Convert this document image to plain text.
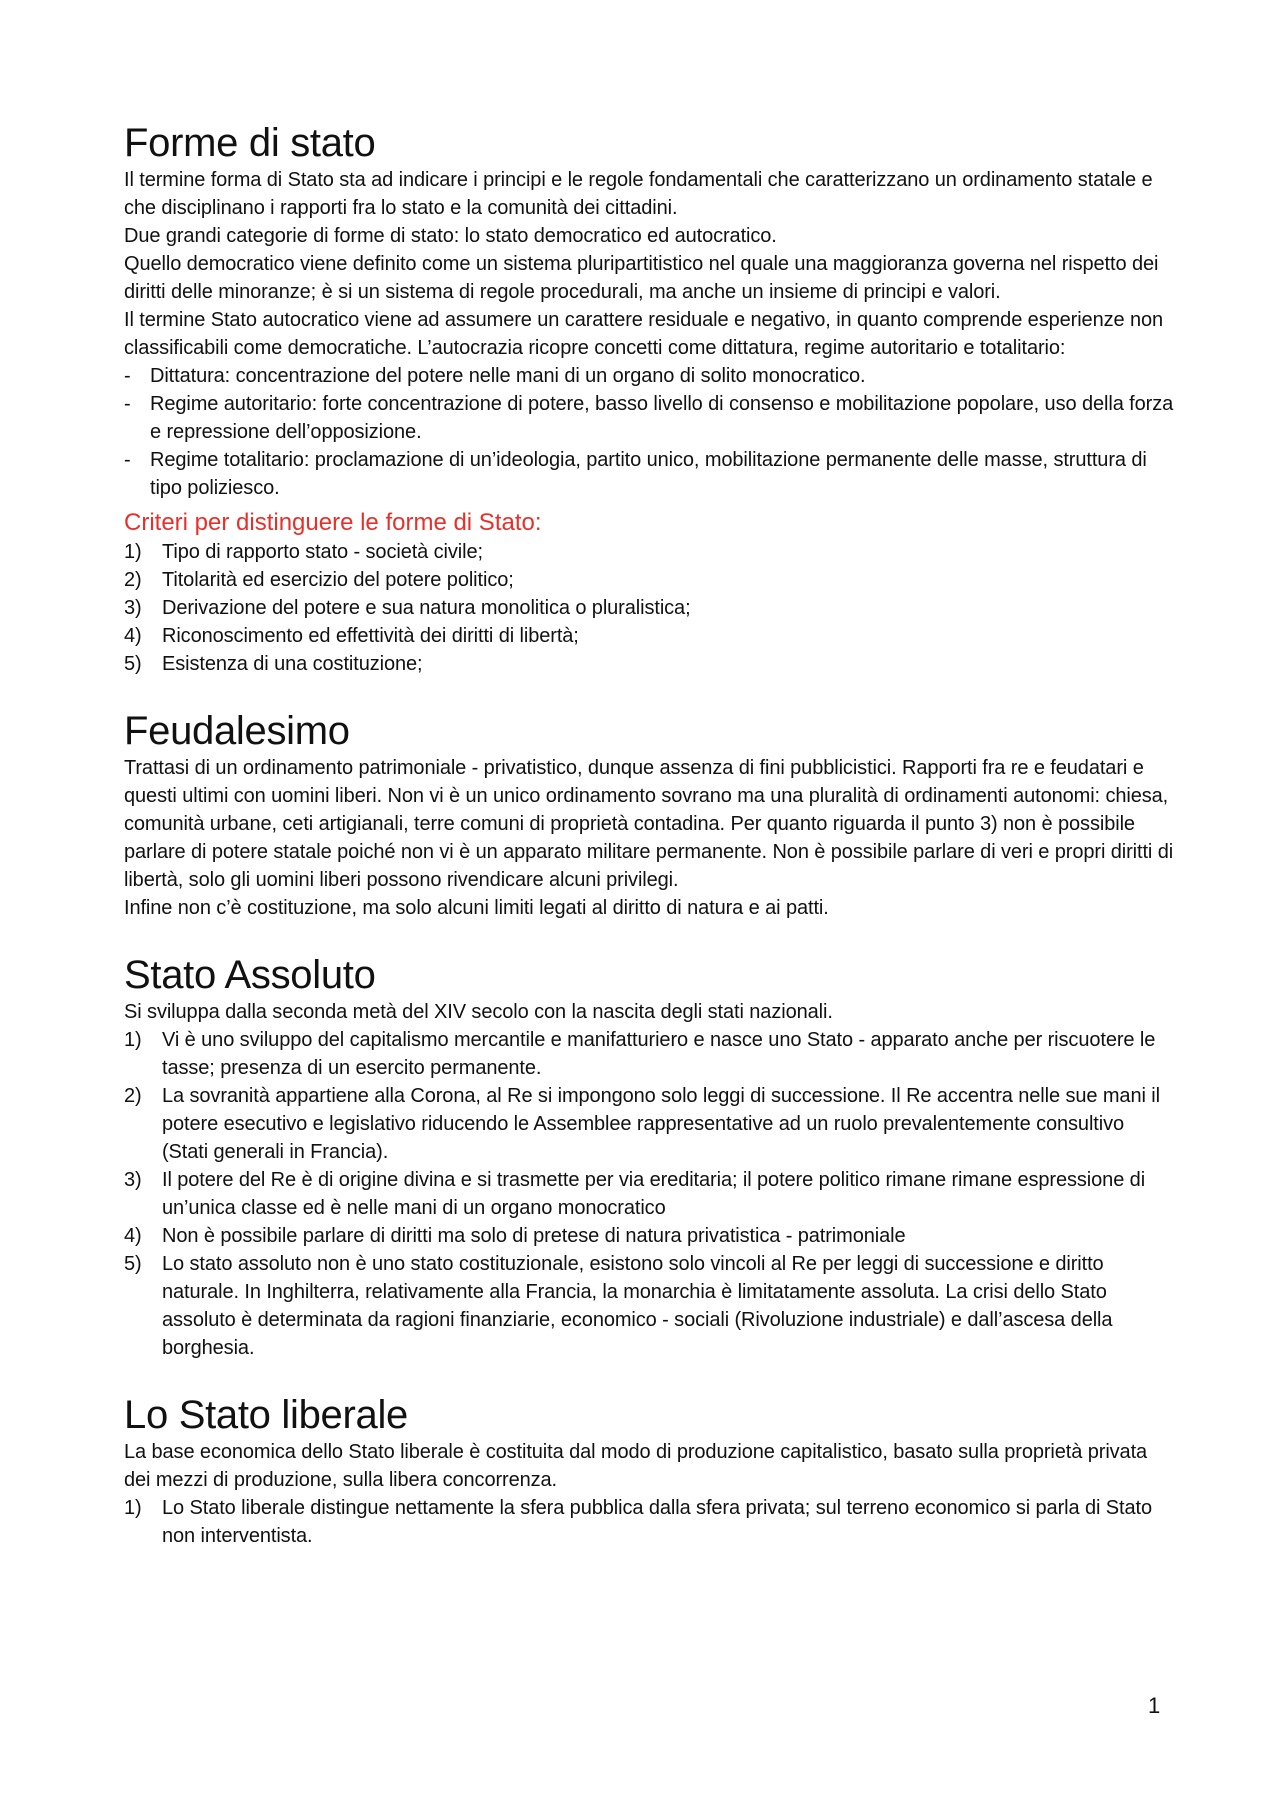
Forme di stato

Il termine forma di Stato sta ad indicare i principi e le regole fondamentali che caratterizzano un ordinamento statale e che disciplinano i rapporti fra lo stato e la comunità dei cittadini.

Due grandi categorie di forme di stato: lo stato democratico ed autocratico.

Quello democratico viene definito come un sistema pluripartitistico nel quale una maggioranza governa nel rispetto dei diritti delle minoranze; è si un sistema di regole procedurali, ma anche un insieme di principi e valori.

Il termine Stato autocratico viene ad assumere un carattere residuale e negativo, in quanto comprende esperienze non classificabili come democratiche. L’autocrazia ricopre concetti come dittatura, regime autoritario e totalitario:

- Dittatura: concentrazione del potere nelle mani di un organo di solito monocratico.
- Regime autoritario: forte concentrazione di potere, basso livello di consenso e mobilitazione popolare, uso della forza e repressione dell’opposizione.
- Regime totalitario: proclamazione di un’ideologia, partito unico, mobilitazione permanente delle masse, struttura di tipo poliziesco.
Criteri per distinguere le forme di Stato:
1) Tipo di rapporto stato - società civile;
2) Titolarità ed esercizio del potere politico;
3) Derivazione del potere e sua natura monolitica o pluralistica;
4) Riconoscimento ed effettività dei diritti di libertà;
5) Esistenza di una costituzione;
Feudalesimo

Trattasi di un ordinamento patrimoniale - privatistico, dunque assenza di fini pubblicistici. Rapporti fra re e feudatari e questi ultimi con uomini liberi. Non vi è un unico ordinamento sovrano ma una pluralità di ordinamenti autonomi: chiesa, comunità urbane, ceti artigianali, terre comuni di proprietà contadina. Per quanto riguarda il punto 3) non è possibile parlare di potere statale poiché non vi è un apparato militare permanente. Non è possibile parlare di veri e propri diritti di libertà, solo gli uomini liberi possono rivendicare alcuni privilegi.

Infine non c’è costituzione, ma solo alcuni limiti legati al diritto di natura e ai patti.

Stato Assoluto

Si sviluppa dalla seconda metà del XIV secolo con la nascita degli stati nazionali.

1) Vi è uno sviluppo del capitalismo mercantile e manifatturiero e nasce uno Stato - apparato anche per riscuotere le tasse; presenza di un esercito permanente.
2) La sovranità appartiene alla Corona, al Re si impongono solo leggi di successione. Il Re accentra nelle sue mani il potere esecutivo e legislativo riducendo le Assemblee rappresentative ad un ruolo prevalentemente consultivo (Stati generali in Francia).
3) Il potere del Re è di origine divina e si trasmette per via ereditaria; il potere politico rimane rimane espressione di un’unica classe ed è nelle mani di un organo monocratico
4) Non è possibile parlare di diritti ma solo di pretese di natura privatistica - patrimoniale
5) Lo stato assoluto non è uno stato costituzionale, esistono solo vincoli al Re per leggi di successione e diritto naturale. In Inghilterra, relativamente alla Francia, la monarchia è limitatamente assoluta. La crisi dello Stato assoluto è determinata da ragioni finanziarie, economico - sociali (Rivoluzione industriale) e dall’ascesa della borghesia.
Lo Stato liberale

La base economica dello Stato liberale è costituita dal modo di produzione capitalistico, basato sulla proprietà privata dei mezzi di produzione, sulla libera concorrenza.

1) Lo Stato liberale distingue nettamente la sfera pubblica dalla sfera privata; sul terreno economico si parla di Stato non interventista.
1
